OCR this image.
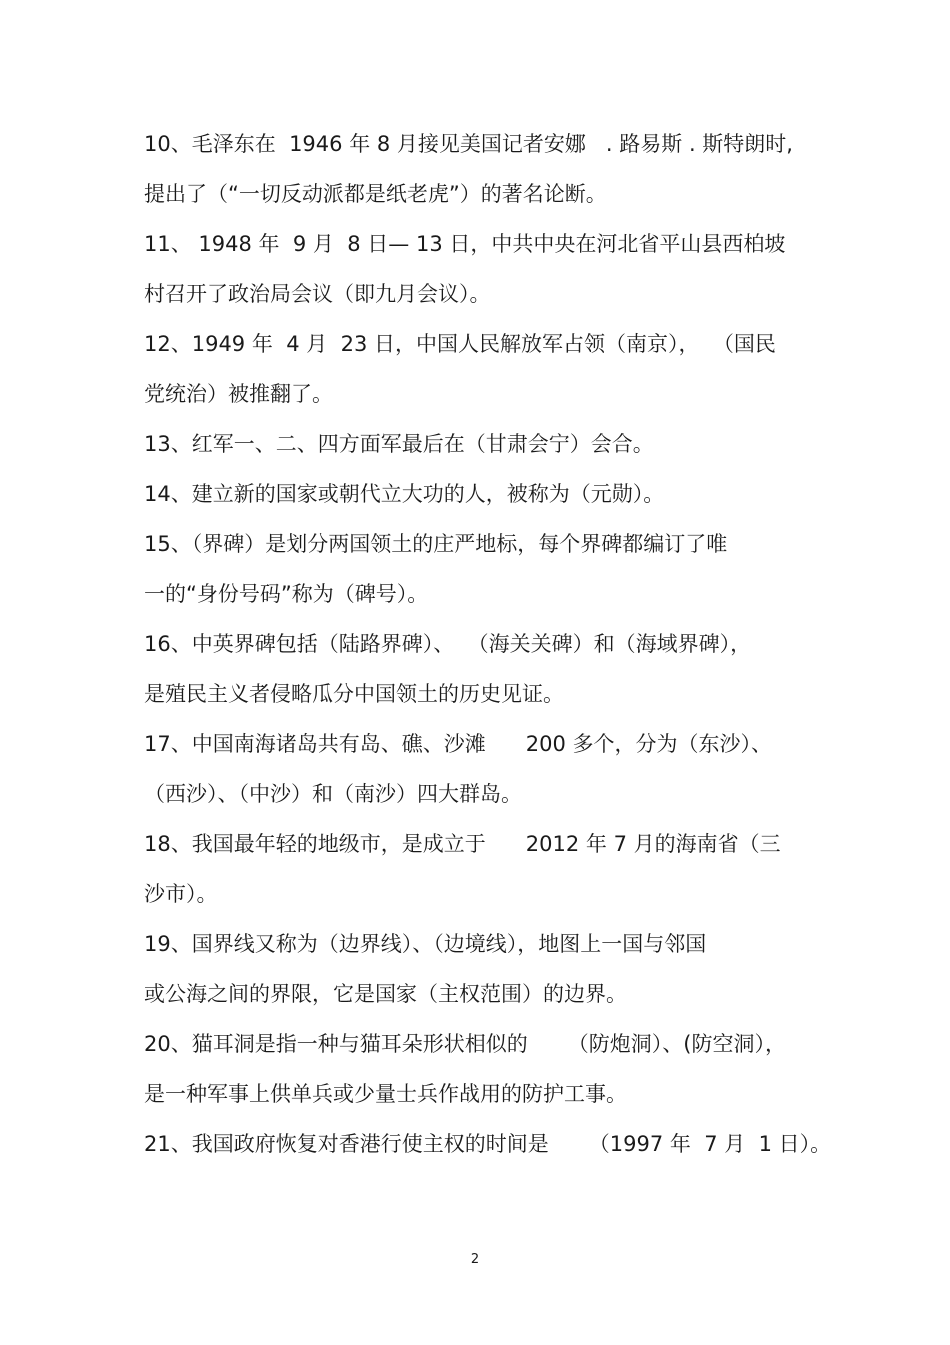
10、毛泽东在  1946 年 8 月接见美国记者安娜   . 路易斯 . 斯特朗时,
提出了（“一切反动派都是纸老虎”）的著名论断。
11、 1948 年  9 月  8 日— 13 日，中共中央在河北省平山县西柏坡
村召开了政治局会议（即九月会议）。
12、1949 年  4 月  23 日，中国人民解放军占领（南京），  （国民
党统治）被推翻了。
13、红军一、二、四方面军最后在（甘肃会宁）会合。
14、建立新的国家或朝代立大功的人，被称为（元勋）。
15、（界碑）是划分两国领土的庄严地标，每个界碑都编订了唯
一的“身份号码”称为（碑号）。
16、中英界碑包括（陆路界碑）、  （海关关碑）和（海域界碑），
是殖民主义者侵略瓜分中国领土的历史见证。
17、中国南海诸岛共有岛、礁、沙滩      200 多个，分为（东沙）、
（西沙）、（中沙）和（南沙）四大群岛。
18、我国最年轻的地级市，是成立于      2012 年 7 月的海南省（三
沙市）。
19、国界线又称为（边界线）、（边境线），地图上一国与邻国
或公海之间的界限，它是国家（主权范围）的边界。
20、猫耳洞是指一种与猫耳朵形状相似的      （防炮洞）、(防空洞），
是一种军事上供单兵或少量士兵作战用的防护工事。
21、我国政府恢复对香港行使主权的时间是      （1997 年  7 月  1 日）。
2
